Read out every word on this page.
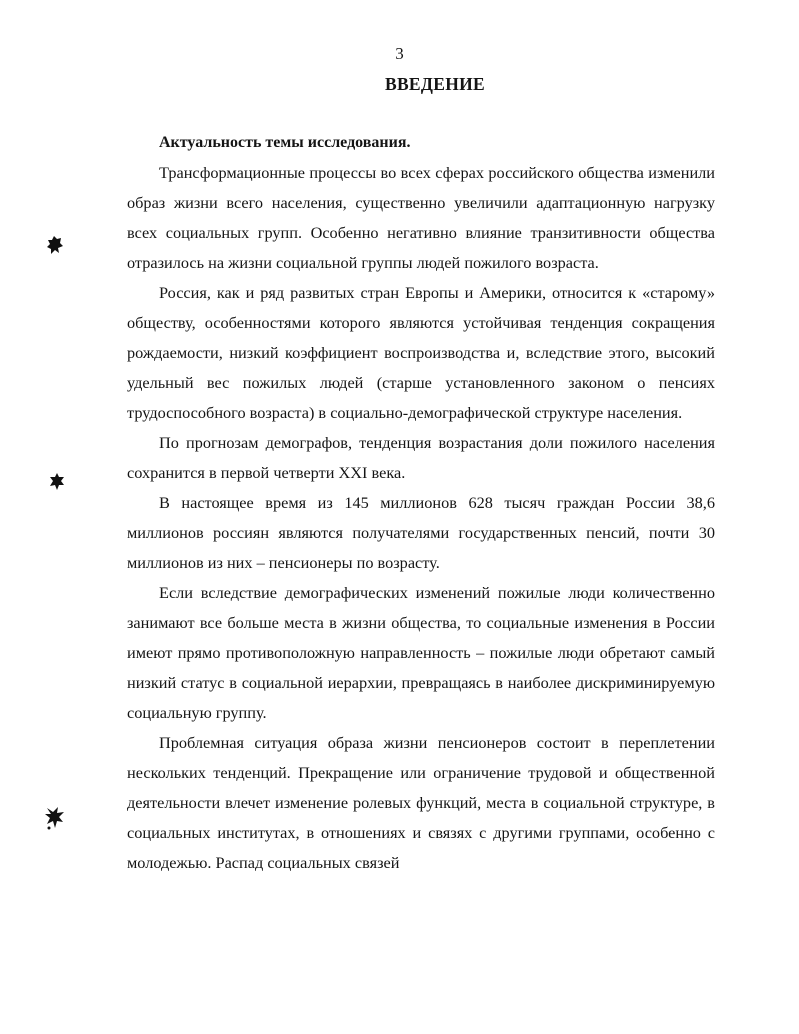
3
ВВЕДЕНИЕ

Актуальность темы исследования.

Трансформационные процессы во всех сферах российского общества изменили образ жизни всего населения, существенно увеличили адаптационную нагрузку всех социальных групп. Особенно негативно влияние транзитивности общества отразилось на жизни социальной группы людей пожилого возраста.

Россия, как и ряд развитых стран Европы и Америки, относится к «старому» обществу, особенностями которого являются устойчивая тенденция сокращения рождаемости, низкий коэффициент воспроизводства и, вследствие этого, высокий удельный вес пожилых людей (старше установленного законом о пенсиях трудоспособного возраста) в социально-демографической структуре населения.

По прогнозам демографов, тенденция возрастания доли пожилого населения сохранится в первой четверти XXI века.

В настоящее время из 145 миллионов 628 тысяч граждан России 38,6 миллионов россиян являются получателями государственных пенсий, почти 30 миллионов из них – пенсионеры по возрасту.

Если вследствие демографических изменений пожилые люди количественно занимают все больше места в жизни общества, то социальные изменения в России имеют прямо противоположную направленность – пожилые люди обретают самый низкий статус в социальной иерархии, превращаясь в наиболее дискриминируемую социальную группу.

Проблемная ситуация образа жизни пенсионеров состоит в переплетении нескольких тенденций. Прекращение или ограничение трудовой и общественной деятельности влечет изменение ролевых функций, места в социальной структуре, в социальных институтах, в отношениях и связях с другими группами, особенно с молодежью. Распад социальных связей
